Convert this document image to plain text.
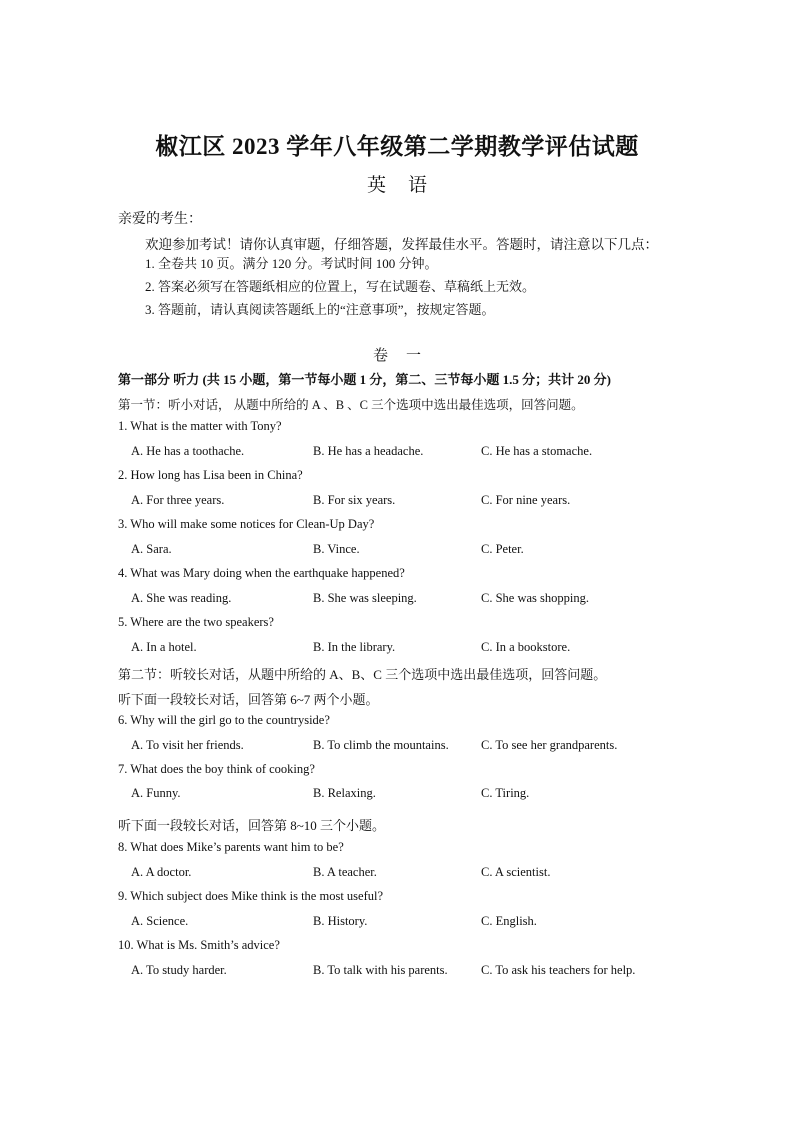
椒江区 2023 学年八年级第二学期教学评估试题
英语
亲爱的考生：
欢迎参加考试！请你认真审题，仔细答题，发挥最佳水平。答题时，请注意以下几点：
1. 全卷共 10 页。满分 120 分。考试时间 100 分钟。
2. 答案必须写在答题纸相应的位置上，写在试题卷、草稿纸上无效。
3. 答题前，请认真阅读答题纸上的“注意事项”，按规定答题。
卷一
第一部分 听力 (共 15 小题，第一节每小题 1 分，第二、三节每小题 1.5 分；共计 20 分)
第一节：听小对话， 从题中所给的 A 、B 、C 三个选项中选出最佳选项，回答问题。
1. What is the matter with Tony?
A. He has a toothache.	B. He has a headache.	C. He has a stomache.
2. How long has Lisa been in China?
A. For three years.	B. For six years.	C. For nine years.
3. Who will make some notices for Clean-Up Day?
A. Sara.	B. Vince.	C. Peter.
4. What was Mary doing when the earthquake happened?
A. She was reading.	B. She was sleeping.	C. She was shopping.
5. Where are the two speakers?
A. In a hotel.	B. In the library.	C. In a bookstore.
第二节：听较长对话，从题中所给的 A、B、C 三个选项中选出最佳选项，回答问题。
听下面一段较长对话，回答第 6~7 两个小题。
6. Why will the girl go to the countryside?
A. To visit her friends.	B. To climb the mountains.	C. To see her grandparents.
7. What does the boy think of cooking?
A. Funny.	B. Relaxing.	C. Tiring.
听下面一段较长对话，回答第 8~10 三个小题。
8. What does Mike’s parents want him to be?
A. A doctor.	B. A teacher.	C. A scientist.
9. Which subject does Mike think is the most useful?
A. Science.	B. History.	C. English.
10. What is Ms. Smith’s advice?
A. To study harder.	B. To talk with his parents.	C. To ask his teachers for help.
